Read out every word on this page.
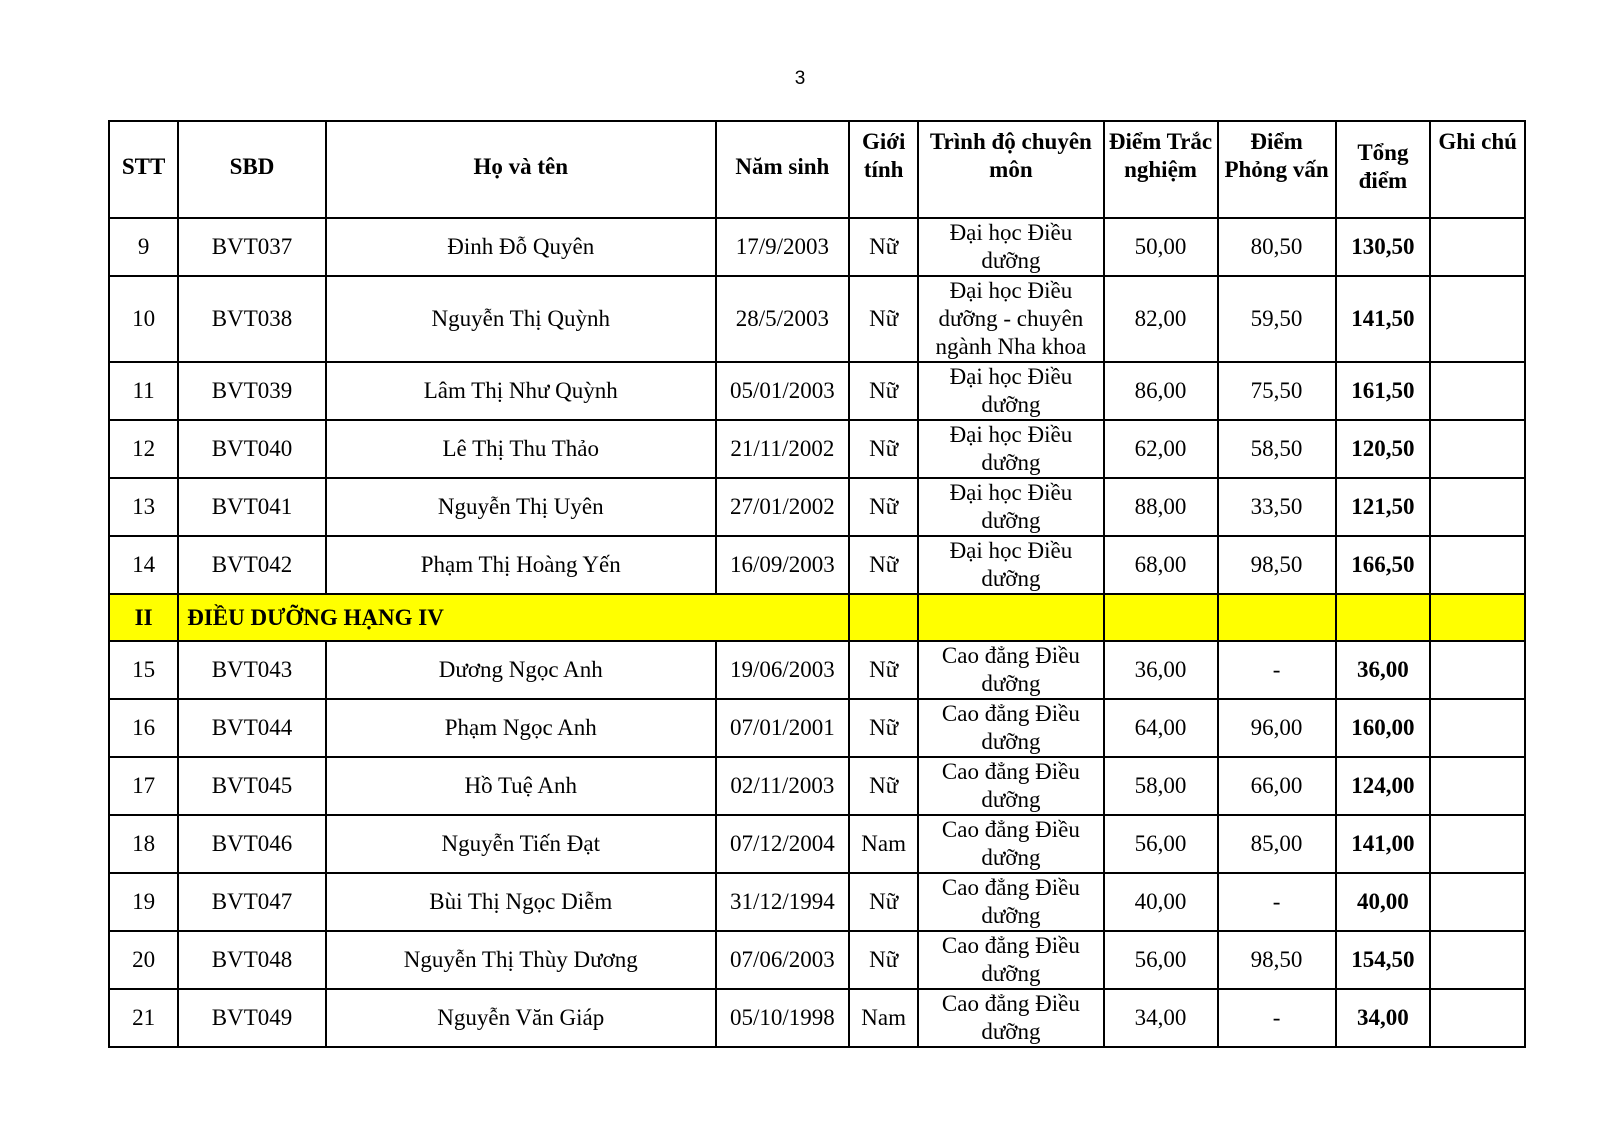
3
STT	SBD	Họ và tên	Năm sinh	Giới tính	Trình độ chuyên môn	Điểm Trắc nghiệm	Điểm Phỏng vấn	Tổng điểm	Ghi chú
9	BVT037	Đinh Đỗ Quyên	17/9/2003	Nữ	Đại học Điều dưỡng	50,00	80,50	130,50	
10	BVT038	Nguyễn Thị Quỳnh	28/5/2003	Nữ	Đại học Điều dưỡng - chuyên ngành Nha khoa	82,00	59,50	141,50	
11	BVT039	Lâm Thị Như Quỳnh	05/01/2003	Nữ	Đại học Điều dưỡng	86,00	75,50	161,50	
12	BVT040	Lê Thị Thu Thảo	21/11/2002	Nữ	Đại học Điều dưỡng	62,00	58,50	120,50	
13	BVT041	Nguyễn Thị Uyên	27/01/2002	Nữ	Đại học Điều dưỡng	88,00	33,50	121,50	
14	BVT042	Phạm Thị Hoàng Yến	16/09/2003	Nữ	Đại học Điều dưỡng	68,00	98,50	166,50	
II	ĐIỀU DƯỠNG HẠNG IV								
15	BVT043	Dương Ngọc Anh	19/06/2003	Nữ	Cao đẳng Điều dưỡng	36,00	-	36,00	
16	BVT044	Phạm Ngọc Anh	07/01/2001	Nữ	Cao đẳng Điều dưỡng	64,00	96,00	160,00	
17	BVT045	Hồ Tuệ Anh	02/11/2003	Nữ	Cao đẳng Điều dưỡng	58,00	66,00	124,00	
18	BVT046	Nguyễn Tiến Đạt	07/12/2004	Nam	Cao đẳng Điều dưỡng	56,00	85,00	141,00	
19	BVT047	Bùi Thị Ngọc Diễm	31/12/1994	Nữ	Cao đẳng Điều dưỡng	40,00	-	40,00	
20	BVT048	Nguyễn Thị Thùy Dương	07/06/2003	Nữ	Cao đẳng Điều dưỡng	56,00	98,50	154,50	
21	BVT049	Nguyễn Văn Giáp	05/10/1998	Nam	Cao đẳng Điều dưỡng	34,00	-	34,00	
